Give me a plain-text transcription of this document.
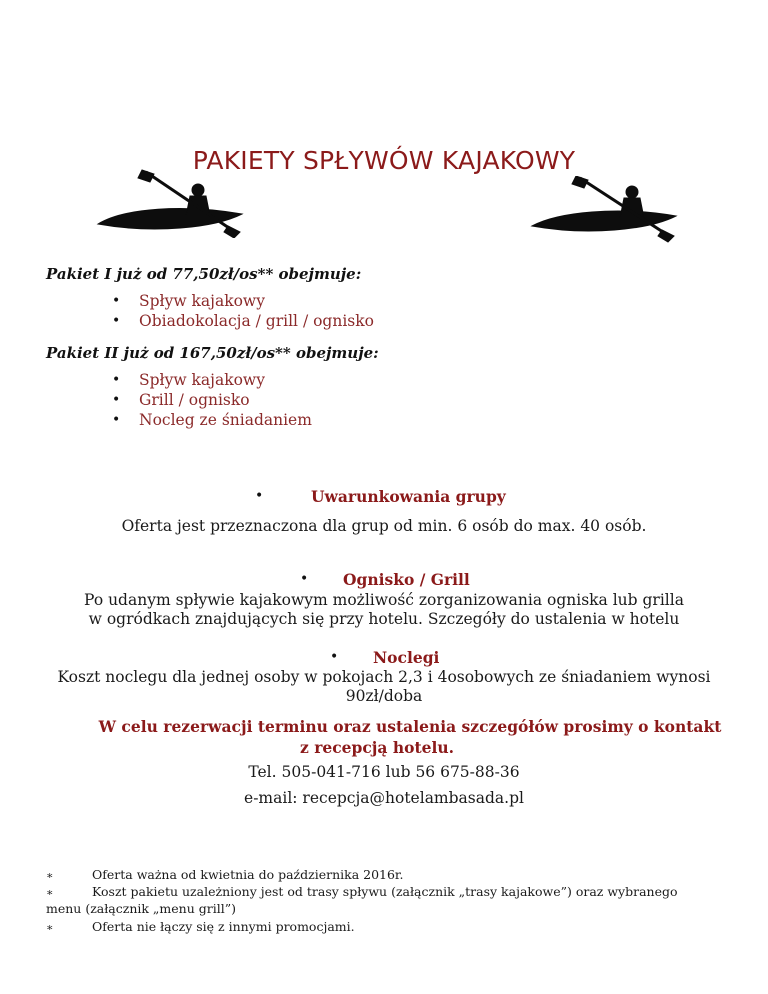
PAKIETY SPŁYWÓW KAJAKOWY
Pakiet I już od 77,50zł/os** obejmuje:
• Spływ kajakowy
• Obiadokolacja / grill / ognisko
Pakiet II już od 167,50zł/os** obejmuje:
• Spływ kajakowy
• Grill / ognisko
• Nocleg ze śniadaniem
•	Uwarunkowania grupy
Oferta jest przeznaczona dla grup od min. 6 osób do max. 40 osób.
• Ognisko / Grill
Po udanym spływie kajakowym możliwość zorganizowania ogniska lub grilla
w ogródkach znajdujących się przy hotelu. Szczegóły do ustalenia w hotelu
• Noclegi
Koszt noclegu dla jednej osoby w pokojach 2,3 i 4osobowych ze śniadaniem wynosi
90zł/doba
W celu rezerwacji terminu oraz ustalenia szczegółów prosimy o kontakt
z recepcją hotelu.
Tel. 505-041-716 lub 56 675-88-36
e-mail: recepcja@hotelambasada.pl
∗	Oferta ważna od kwietnia do października 2016r.
∗	Koszt pakietu uzależniony jest od trasy spływu (załącznik „trasy kajakowe”) oraz wybranego
menu (załącznik „menu grill”)
∗	Oferta nie łączy się z innymi promocjami.
